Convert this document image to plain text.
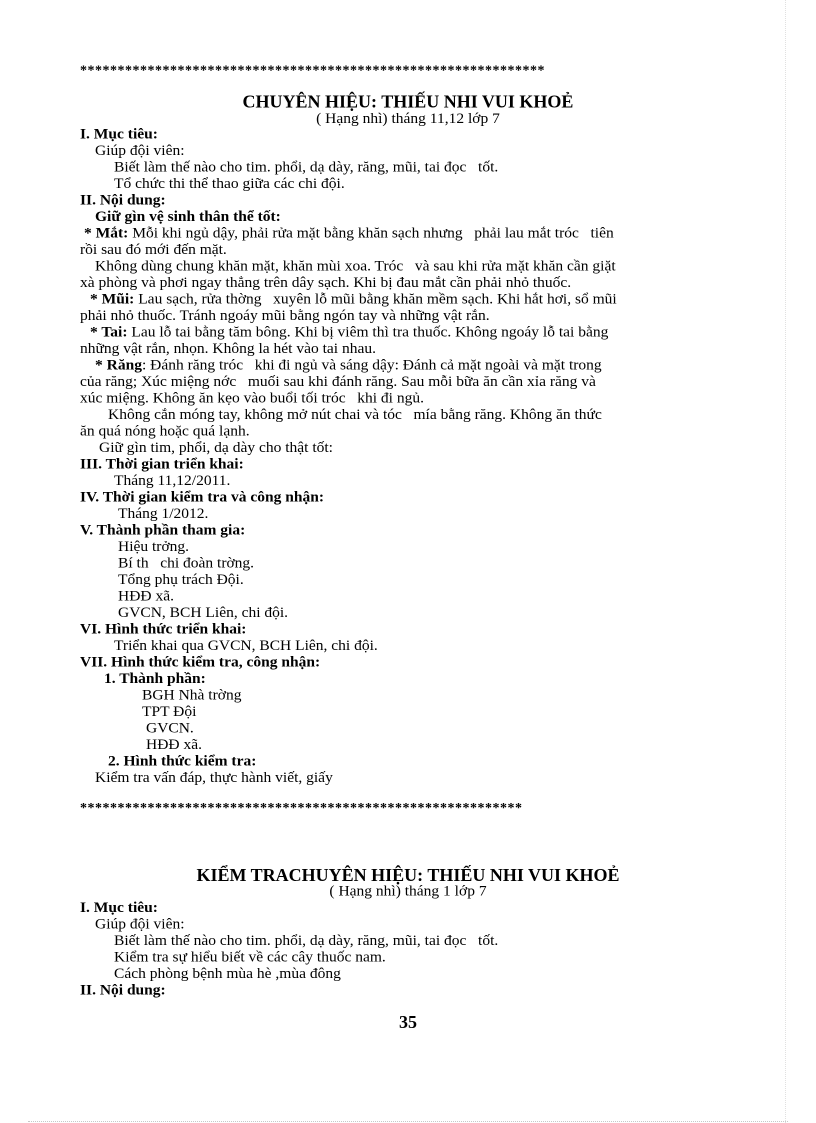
**************************************************************
CHUYÊN HIỆU: THIẾU NHI VUI KHOẺ
( Hạng nhì) tháng 11,12 lớp 7
I. Mục tiêu:
Giúp đội viên:
Biết làm thế nào cho tim. phổi, dạ dày, răng, mũi, tai đọc   tốt.
Tổ chức thi thể thao giữa các chi đội.
II. Nội dung:
Giữ gìn vệ sinh thân thể tốt:
* Mắt: Mỗi khi ngủ dậy, phải rửa mặt bằng khăn sạch nhưng   phải lau mắt tróc   tiên
rồi sau đó mới đến mặt.
Không dùng chung khăn mặt, khăn mùi xoa. Tróc   và sau khi rửa mặt khăn cần giặt
xà phòng và phơi ngay thẳng trên dây sạch. Khi bị đau mắt cần phải nhỏ thuốc.
* Mũi: Lau sạch, rửa thờng   xuyên lỗ mũi bằng khăn mềm sạch. Khi hắt hơi, sổ mũi
phải nhỏ thuốc. Tránh ngoáy mũi bằng ngón tay và những vật rắn.
* Tai: Lau lỗ tai bằng tăm bông. Khi bị viêm thì tra thuốc. Không ngoáy lỗ tai bằng
những vật rắn, nhọn. Không la hét vào tai nhau.
* Răng: Đánh răng tróc   khi đi ngủ và sáng dậy: Đánh cả mặt ngoài và mặt trong
của răng; Xúc miệng nớc   muối sau khi đánh răng. Sau mỗi bữa ăn cần xỉa răng và
xúc miệng. Không ăn kẹo vào buổi tối tróc   khi đi ngủ.
Không cắn móng tay, không mở nút chai và tóc   mía bằng răng. Không ăn thức
ăn quá nóng hoặc quá lạnh.
Giữ gìn tim, phổi, dạ dày cho thật tốt:
III. Thời gian triển khai:
Tháng 11,12/2011.
IV. Thời gian kiểm tra và công nhận:
Tháng 1/2012.
V. Thành phần tham gia:
Hiệu trởng.
Bí th   chi đoàn trờng.
Tổng phụ trách Đội.
HĐĐ xã.
GVCN, BCH Liên, chi đội.
VI. Hình thức triển khai:
Triển khai qua GVCN, BCH Liên, chi đội.
VII. Hình thức kiểm tra, công nhận:
1. Thành phần:
BGH Nhà trờng
TPT Đội
GVCN.
HĐĐ xã.
2. Hình thức kiểm tra:
Kiểm tra vấn đáp, thực hành viết, giấy
***********************************************************
KIỂM TRACHUYÊN HIỆU: THIẾU NHI VUI KHOẺ
( Hạng nhì) tháng 1 lớp 7
I. Mục tiêu:
Giúp đội viên:
Biết làm thế nào cho tim. phổi, dạ dày, răng, mũi, tai đọc   tốt.
Kiểm tra sự hiểu biết về các cây thuốc nam.
Cách phòng bệnh mùa hè ,mùa đông
II. Nội dung:
35
